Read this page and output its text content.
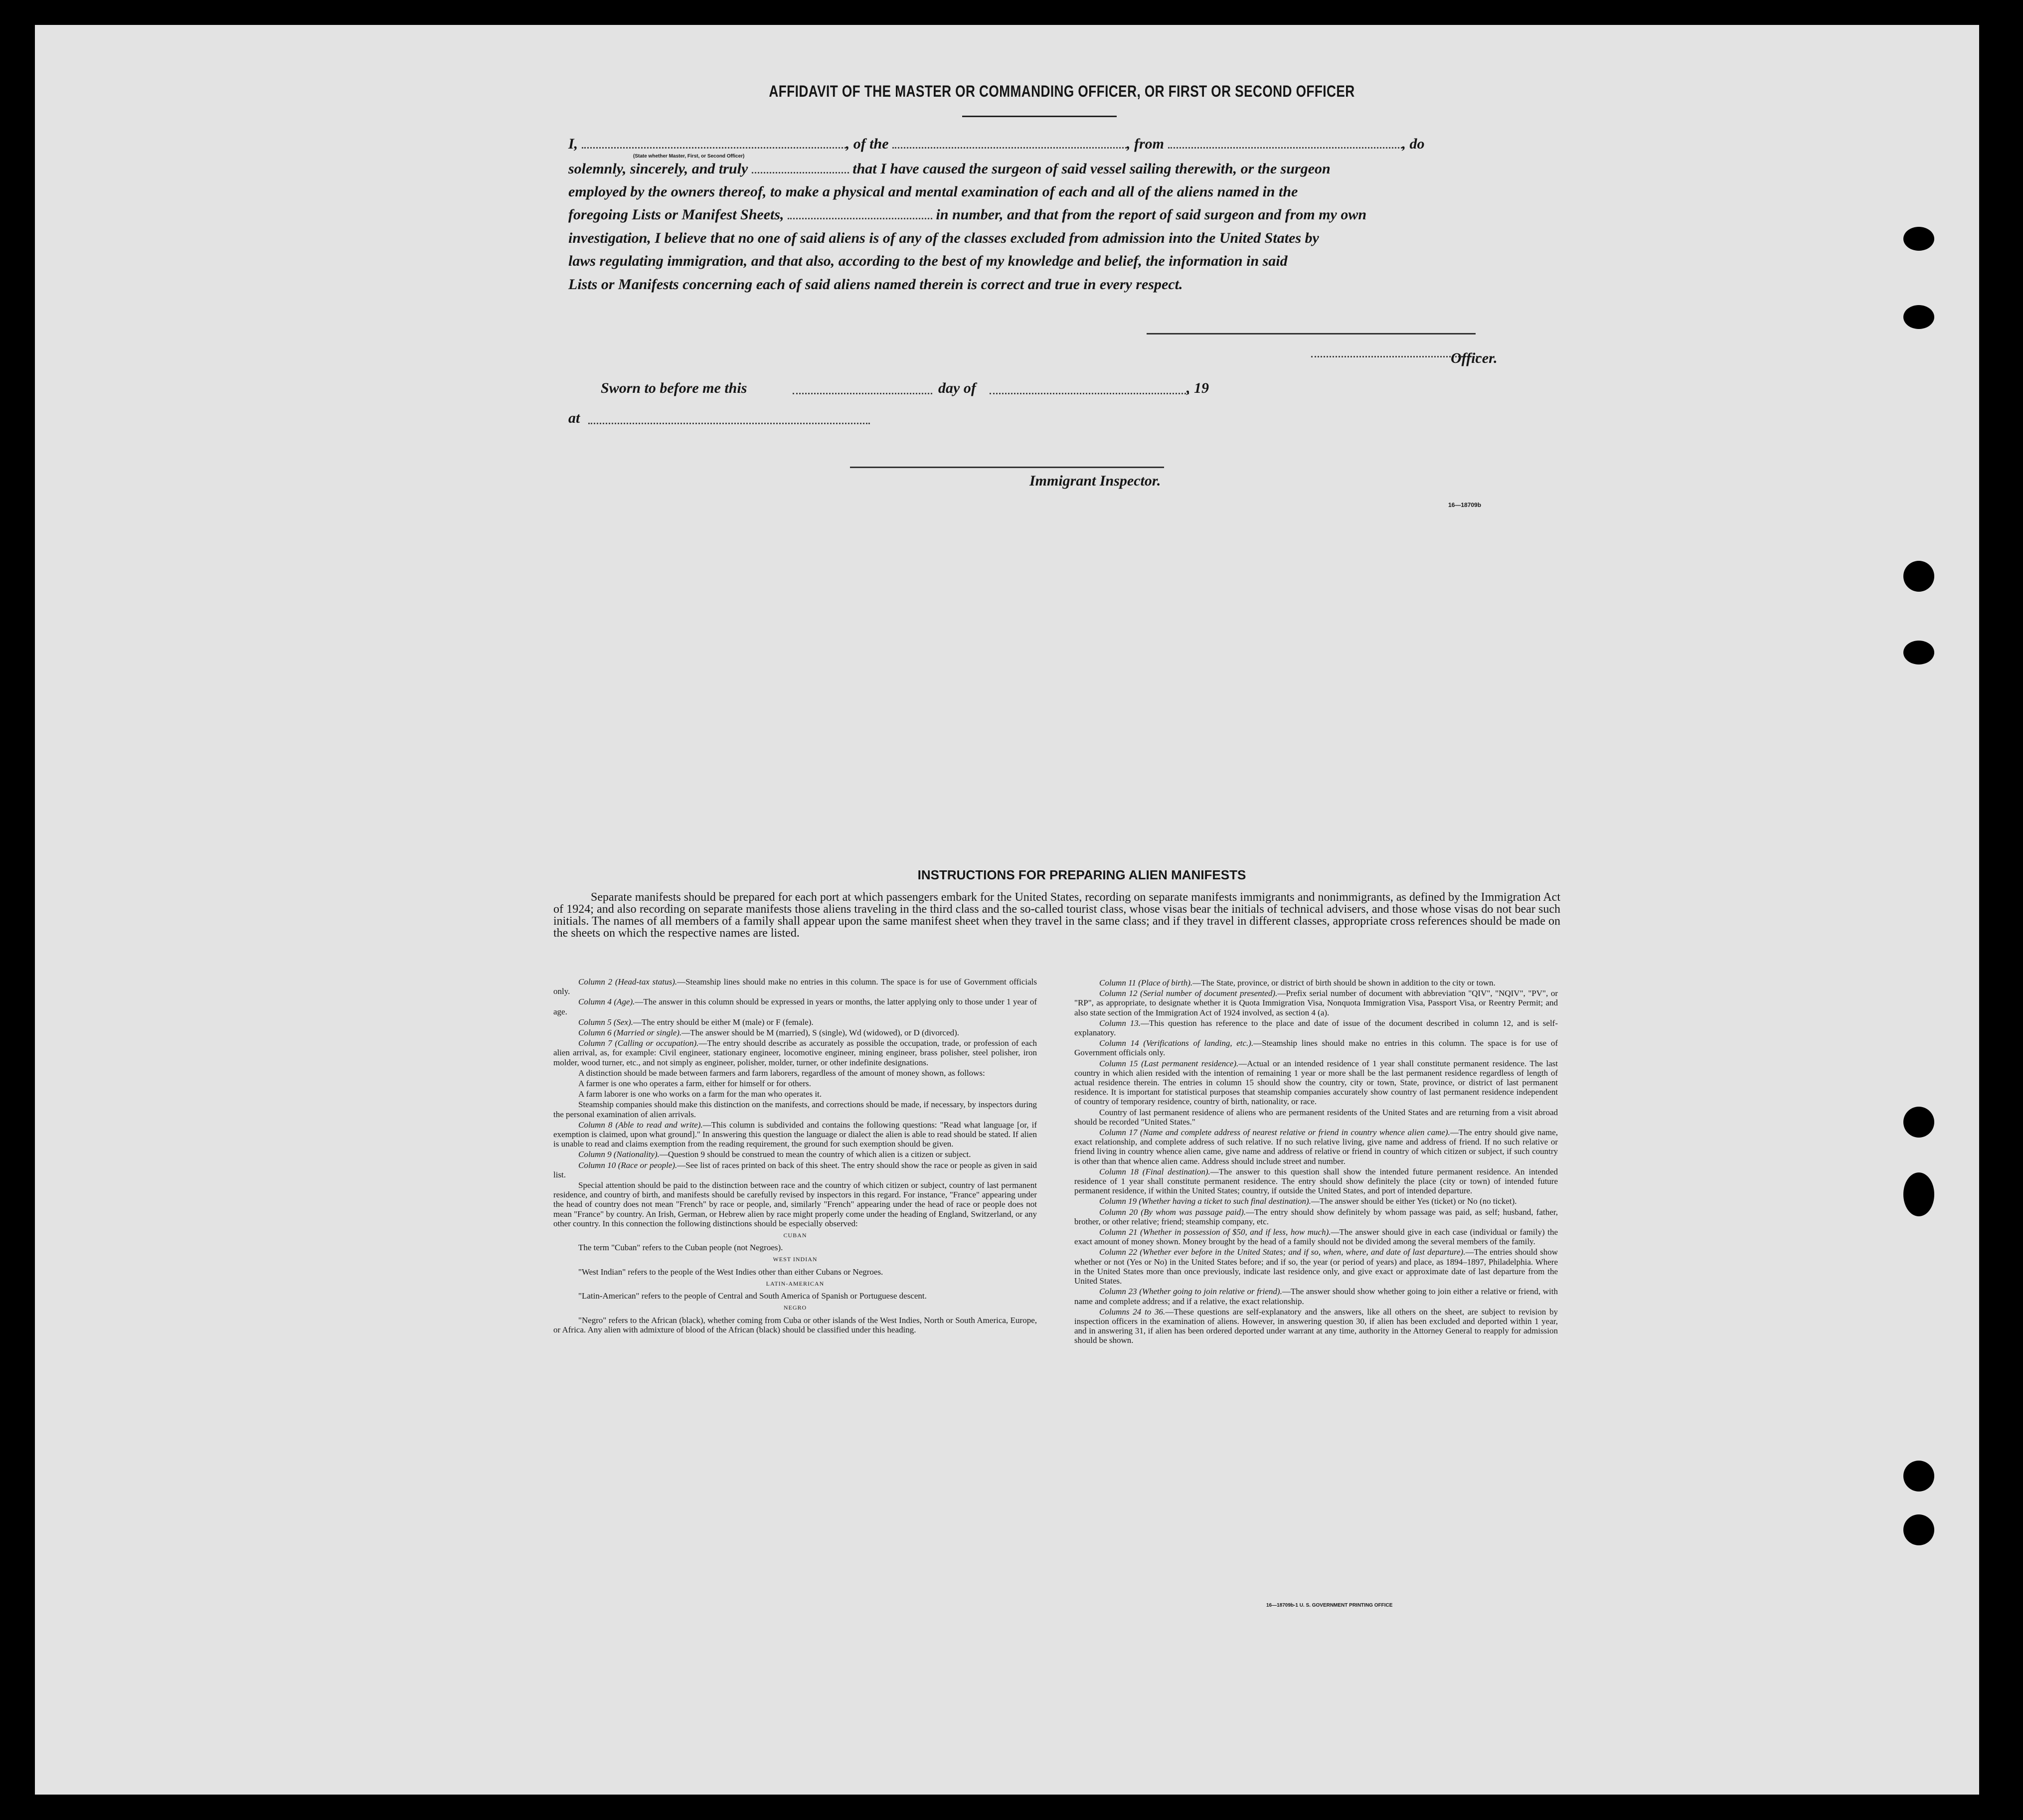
AFFIDAVIT OF THE MASTER OR COMMANDING OFFICER, OR FIRST OR SECOND OFFICER
I,	, of the	, from	, do
(State whether Master, First, or Second Officer)
solemnly, sincerely, and truly	that I have caused the surgeon of said vessel sailing therewith, or the surgeon
employed by the owners thereof, to make a physical and mental examination of each and all of the aliens named in the
foregoing Lists or Manifest Sheets,	in number, and that from the report of said surgeon and from my own
investigation, I believe that no one of said aliens is of any of the classes excluded from admission into the United States by
laws regulating immigration, and that also, according to the best of my knowledge and belief, the information in said
Lists or Manifests concerning each of said aliens named therein is correct and true in every respect.
Officer.
Sworn to before me this	day of	, 19
at
Immigrant Inspector.
16—18709b
INSTRUCTIONS FOR PREPARING ALIEN MANIFESTS

Separate manifests should be prepared for each port at which passengers embark for the United States, recording on separate manifests immigrants and nonimmigrants, as defined by the Immigration Act of 1924; and also recording on separate manifests those aliens traveling in the third class and the so-called tourist class, whose visas bear the initials of technical advisers, and those whose visas do not bear such initials. The names of all members of a family shall appear upon the same manifest sheet when they travel in the same class; and if they travel in different classes, appropriate cross references should be made on the sheets on which the respective names are listed.

Column 2 (Head-tax status).—Steamship lines should make no entries in this column. The space is for use of Government officials only.

Column 4 (Age).—The answer in this column should be expressed in years or months, the latter applying only to those under 1 year of age.

Column 5 (Sex).—The entry should be either M (male) or F (female).

Column 6 (Married or single).—The answer should be M (married), S (single), Wd (widowed), or D (divorced).

Column 7 (Calling or occupation).—The entry should describe as accurately as possible the occupation, trade, or profession of each alien arrival, as, for example: Civil engineer, stationary engineer, locomotive engineer, mining engineer, brass polisher, steel polisher, iron molder, wood turner, etc., and not simply as engineer, polisher, molder, turner, or other indefinite designations.

A distinction should be made between farmers and farm laborers, regardless of the amount of money shown, as follows:

A farmer is one who operates a farm, either for himself or for others.

A farm laborer is one who works on a farm for the man who operates it.

Steamship companies should make this distinction on the manifests, and corrections should be made, if necessary, by inspectors during the personal examination of alien arrivals.

Column 8 (Able to read and write).—This column is subdivided and contains the following questions: "Read what language [or, if exemption is claimed, upon what ground]." In answering this question the language or dialect the alien is able to read should be stated. If alien is unable to read and claims exemption from the reading requirement, the ground for such exemption should be given.

Column 9 (Nationality).—Question 9 should be construed to mean the country of which alien is a citizen or subject.

Column 10 (Race or people).—See list of races printed on back of this sheet. The entry should show the race or people as given in said list.

Special attention should be paid to the distinction between race and the country of which citizen or subject, country of last permanent residence, and country of birth, and manifests should be carefully revised by inspectors in this regard. For instance, "France" appearing under the head of country does not mean "French" by race or people, and, similarly "French" appearing under the head of race or people does not mean "France" by country. An Irish, German, or Hebrew alien by race might properly come under the heading of England, Switzerland, or any other country. In this connection the following distinctions should be especially observed:

CUBAN

The term "Cuban" refers to the Cuban people (not Negroes).

WEST INDIAN

"West Indian" refers to the people of the West Indies other than either Cubans or Negroes.

LATIN-AMERICAN

"Latin-American" refers to the people of Central and South America of Spanish or Portuguese descent.

NEGRO

"Negro" refers to the African (black), whether coming from Cuba or other islands of the West Indies, North or South America, Europe, or Africa. Any alien with admixture of blood of the African (black) should be classified under this heading.

Column 11 (Place of birth).—The State, province, or district of birth should be shown in addition to the city or town.

Column 12 (Serial number of document presented).—Prefix serial number of document with abbreviation "QIV", "NQIV", "PV", or "RP", as appropriate, to designate whether it is Quota Immigration Visa, Nonquota Immigration Visa, Passport Visa, or Reentry Permit; and also state section of the Immigration Act of 1924 involved, as section 4 (a).

Column 13.—This question has reference to the place and date of issue of the document described in column 12, and is self-explanatory.

Column 14 (Verifications of landing, etc.).—Steamship lines should make no entries in this column. The space is for use of Government officials only.

Column 15 (Last permanent residence).—Actual or an intended residence of 1 year shall constitute permanent residence. The last country in which alien resided with the intention of remaining 1 year or more shall be the last permanent residence regardless of length of actual residence therein. The entries in column 15 should show the country, city or town, State, province, or district of last permanent residence. It is important for statistical purposes that steamship companies accurately show country of last permanent residence independent of country of temporary residence, country of birth, nationality, or race.

Country of last permanent residence of aliens who are permanent residents of the United States and are returning from a visit abroad should be recorded "United States."

Column 17 (Name and complete address of nearest relative or friend in country whence alien came).—The entry should give name, exact relationship, and complete address of such relative. If no such relative living, give name and address of friend. If no such relative or friend living in country whence alien came, give name and address of relative or friend in country of which citizen or subject, if such country is other than that whence alien came. Address should include street and number.

Column 18 (Final destination).—The answer to this question shall show the intended future permanent residence. An intended residence of 1 year shall constitute permanent residence. The entry should show definitely the place (city or town) of intended future permanent residence, if within the United States; country, if outside the United States, and port of intended departure.

Column 19 (Whether having a ticket to such final destination).—The answer should be either Yes (ticket) or No (no ticket).

Column 20 (By whom was passage paid).—The entry should show definitely by whom passage was paid, as self; husband, father, brother, or other relative; friend; steamship company, etc.

Column 21 (Whether in possession of $50, and if less, how much).—The answer should give in each case (individual or family) the exact amount of money shown. Money brought by the head of a family should not be divided among the several members of the family.

Column 22 (Whether ever before in the United States; and if so, when, where, and date of last departure).—The entries should show whether or not (Yes or No) in the United States before; and if so, the year (or period of years) and place, as 1894–1897, Philadelphia. Where in the United States more than once previously, indicate last residence only, and give exact or approximate date of last departure from the United States.

Column 23 (Whether going to join relative or friend).—The answer should show whether going to join either a relative or friend, with name and complete address; and if a relative, the exact relationship.

Columns 24 to 36.—These questions are self-explanatory and the answers, like all others on the sheet, are subject to revision by inspection officers in the examination of aliens. However, in answering question 30, if alien has been excluded and deported within 1 year, and in answering 31, if alien has been ordered deported under warrant at any time, authority in the Attorney General to reapply for admission should be shown.

16—18709b-1 U. S. GOVERNMENT PRINTING OFFICE
